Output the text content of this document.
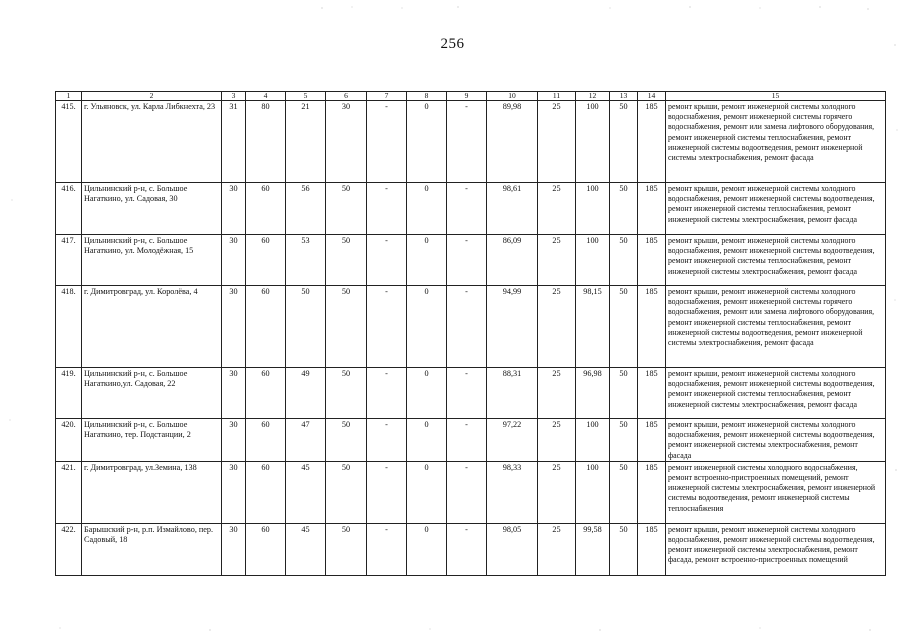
256
1	2	3	4	5	6	7	8	9	10	11	12	13	14	15
415.	г. Ульяновск, ул. Карла Либкнехта, 23	31	80	21	30	-	0	-	89,98	25	100	50	185	ремонт крыши, ремонт инженерной системы холодного водоснабжения, ремонт инженерной системы горячего водоснабжения, ремонт или замена лифтового оборудования, ремонт инженерной системы теплоснабжения, ремонт инженерной системы водоотведения, ремонт инженерной системы электроснабжения, ремонт фасада
416.	Цильнинский р-н, с. Большое Нагаткино, ул. Садовая, 30	30	60	56	50	-	0	-	98,61	25	100	50	185	ремонт крыши, ремонт инженерной системы холодного водоснабжения, ремонт инженерной системы водоотведения, ремонт инженерной системы теплоснабжения, ремонт инженерной системы электроснабжения, ремонт фасада
417.	Цильнинский р-н, с. Большое Нагаткино, ул. Молодёжная, 15	30	60	53	50	-	0	-	86,09	25	100	50	185	ремонт крыши, ремонт инженерной системы холодного водоснабжения, ремонт инженерной системы водоотведения, ремонт инженерной системы теплоснабжения, ремонт инженерной системы электроснабжения, ремонт фасада
418.	г. Димитровград, ул. Королёва, 4	30	60	50	50	-	0	-	94,99	25	98,15	50	185	ремонт крыши, ремонт инженерной системы холодного водоснабжения, ремонт инженерной системы горячего водоснабжения, ремонт или замена лифтового оборудования, ремонт инженерной системы теплоснабжения, ремонт инженерной системы водоотведения, ремонт инженерной системы электроснабжения, ремонт фасада
419.	Цильнинский р-н, с. Большое Нагаткино,ул. Садовая, 22	30	60	49	50	-	0	-	88,31	25	96,98	50	185	ремонт крыши, ремонт инженерной системы холодного водоснабжения, ремонт инженерной системы водоотведения, ремонт инженерной системы теплоснабжения, ремонт инженерной системы электроснабжения, ремонт фасада
420.	Цильнинский р-н, с. Большое Нагаткино, тер. Подстанции, 2	30	60	47	50	-	0	-	97,22	25	100	50	185	ремонт крыши, ремонт инженерной системы холодного водоснабжения, ремонт инженерной системы водоотведения, ремонт инженерной системы электроснабжения, ремонт фасада
421.	г. Димитровград, ул.Земина, 138	30	60	45	50	-	0	-	98,33	25	100	50	185	ремонт инженерной системы холодного водоснабжения, ремонт встроенно-пристроенных помещений, ремонт инженерной системы электроснабжения, ремонт инженерной системы водоотведения, ремонт инженерной системы теплоснабжения
422.	Барышский р-н, р.п. Измайлово, пер. Садовый, 18	30	60	45	50	-	0	-	98,05	25	99,58	50	185	ремонт крыши, ремонт инженерной системы холодного водоснабжения, ремонт инженерной системы водоотведения, ремонт инженерной системы электроснабжения, ремонт фасада, ремонт встроенно-пристроенных помещений
